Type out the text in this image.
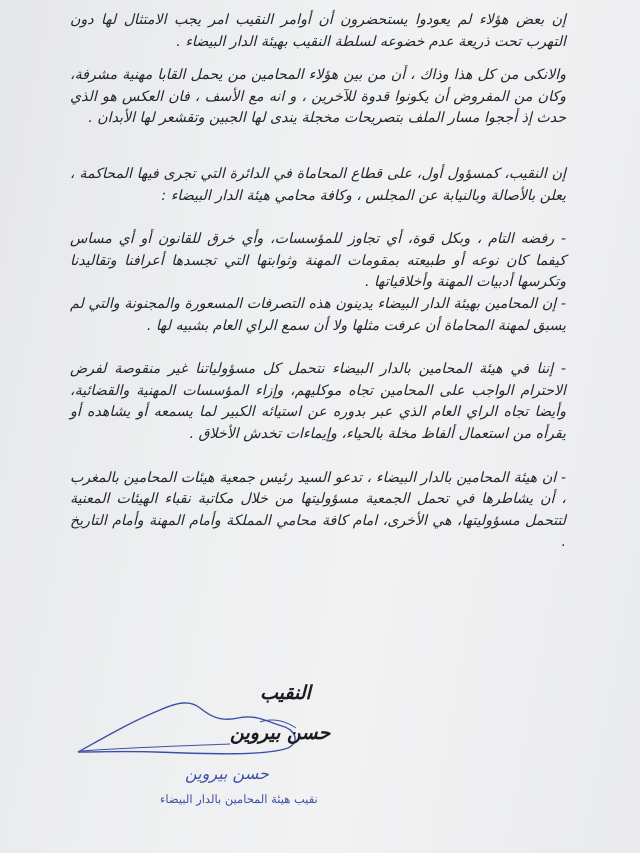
إن بعض هؤلاء لم يعودوا يستحضرون أن أوامر النقيب امر يجب الامتثال لها دون التهرب تحت ذريعة عدم خضوعه لسلطة النقيب بهيئة الدار البيضاء .

والانكى من كل هذا وذاك ، أن من بين هؤلاء المحامين من يحمل القابا مهنية مشرفة، وكان من المفروض أن يكونوا قدوة للآخرين ، و انه مع الأسف ، فان العكس هو الذي حدث إذ أججوا مسار الملف بتصريحات مخجلة يندى لها الجبين وتقشعر لها الأبدان .

إن النقيب، كمسؤول أول، على قطاع المحاماة في الدائرة التي تجرى فيها المحاكمة ، يعلن بالأصالة وبالنيابة عن المجلس ، وكافة محامي هيئة الدار البيضاء :

- رفضه التام ، وبكل قوة، أي تجاوز للمؤسسات، وأي خرق للقانون أو أي مساس كيفما كان نوعه أو طبيعته بمقومات المهنة وثوابتها التي تجسدها أعرافنا وتقاليدنا وتكرسها أدبيات المهنة وأخلاقياتها .

- إن المحامين بهيئة الدار البيضاء يدينون هذه التصرفات المسعورة والمجنونة والتي لم يسبق لمهنة المحاماة أن عرفت مثلها ولا أن سمع الراي العام بشبيه لها .

- إننا في هيئة المحامين بالدار البيضاء نتحمل كل مسؤولياتنا غير منقوصة لفرض الاحترام الواجب على المحامين تجاه موكليهم، وإزاء المؤسسات المهنية والقضائية، وأيضا تجاه الراي العام الذي عبر بدوره عن استيائه الكبير لما يسمعه أو يشاهده أو يقرأه من استعمال ألفاظ مخلة بالحياء، وإيماءات تخدش الأخلاق .

- ان هيئة المحامين بالدار البيضاء ، تدعو السيد رئيس جمعية هيئات المحامين بالمغرب ، أن يشاطرها في تحمل الجمعية مسؤوليتها من خلال مكاتبة نقباء الهيئات المعنية لتتحمل مسؤوليتها، هي الأخرى، امام كافة محامي المملكة وأمام المهنة وأمام التاريخ .

النقيب
حسن بيروين
حسن بيروين
نقيب هيئة المحامين بالدار البيضاء
